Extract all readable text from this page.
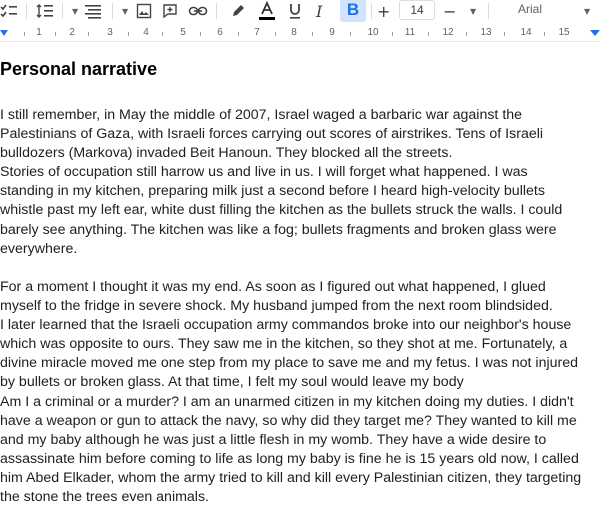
▼	▼	I	B	+	14	− ▼	Arial	▼
1	2	3	4	5	6	7	8	9	10	11	12	13	14	15
Personal narrative
I still remember, in May the middle of 2007, Israel waged a barbaric war against the
Palestinians of Gaza, with Israeli forces carrying out scores of airstrikes. Tens of Israeli
bulldozers (Markova) invaded Beit Hanoun. They blocked all the streets.
Stories of occupation still harrow us and live in us. I will forget what happened. I was
standing in my kitchen, preparing milk just a second before I heard high-velocity bullets
whistle past my left ear, white dust filling the kitchen as the bullets struck the walls. I could
barely see anything. The kitchen was like a fog; bullets fragments and broken glass were
everywhere.
For a moment I thought it was my end. As soon as I figured out what happened, I glued
myself to the fridge in severe shock. My husband jumped from the next room blindsided.
I later learned that the Israeli occupation army commandos broke into our neighbor's house
which was opposite to ours. They saw me in the kitchen, so they shot at me. Fortunately, a
divine miracle moved me one step from my place to save me and my fetus. I was not injured
by bullets or broken glass. At that time, I felt my soul would leave my body
Am I a criminal or a murder? I am an unarmed citizen in my kitchen doing my duties. I didn't
have a weapon or gun to attack the navy, so why did they target me? They wanted to kill me
and my baby although he was just a little flesh in my womb. They have a wide desire to
assassinate him before coming to life as long my baby is fine he is 15 years old now, I called
him Abed Elkader, whom the army tried to kill and kill every Palestinian citizen, they targeting
the stone the trees even animals.
